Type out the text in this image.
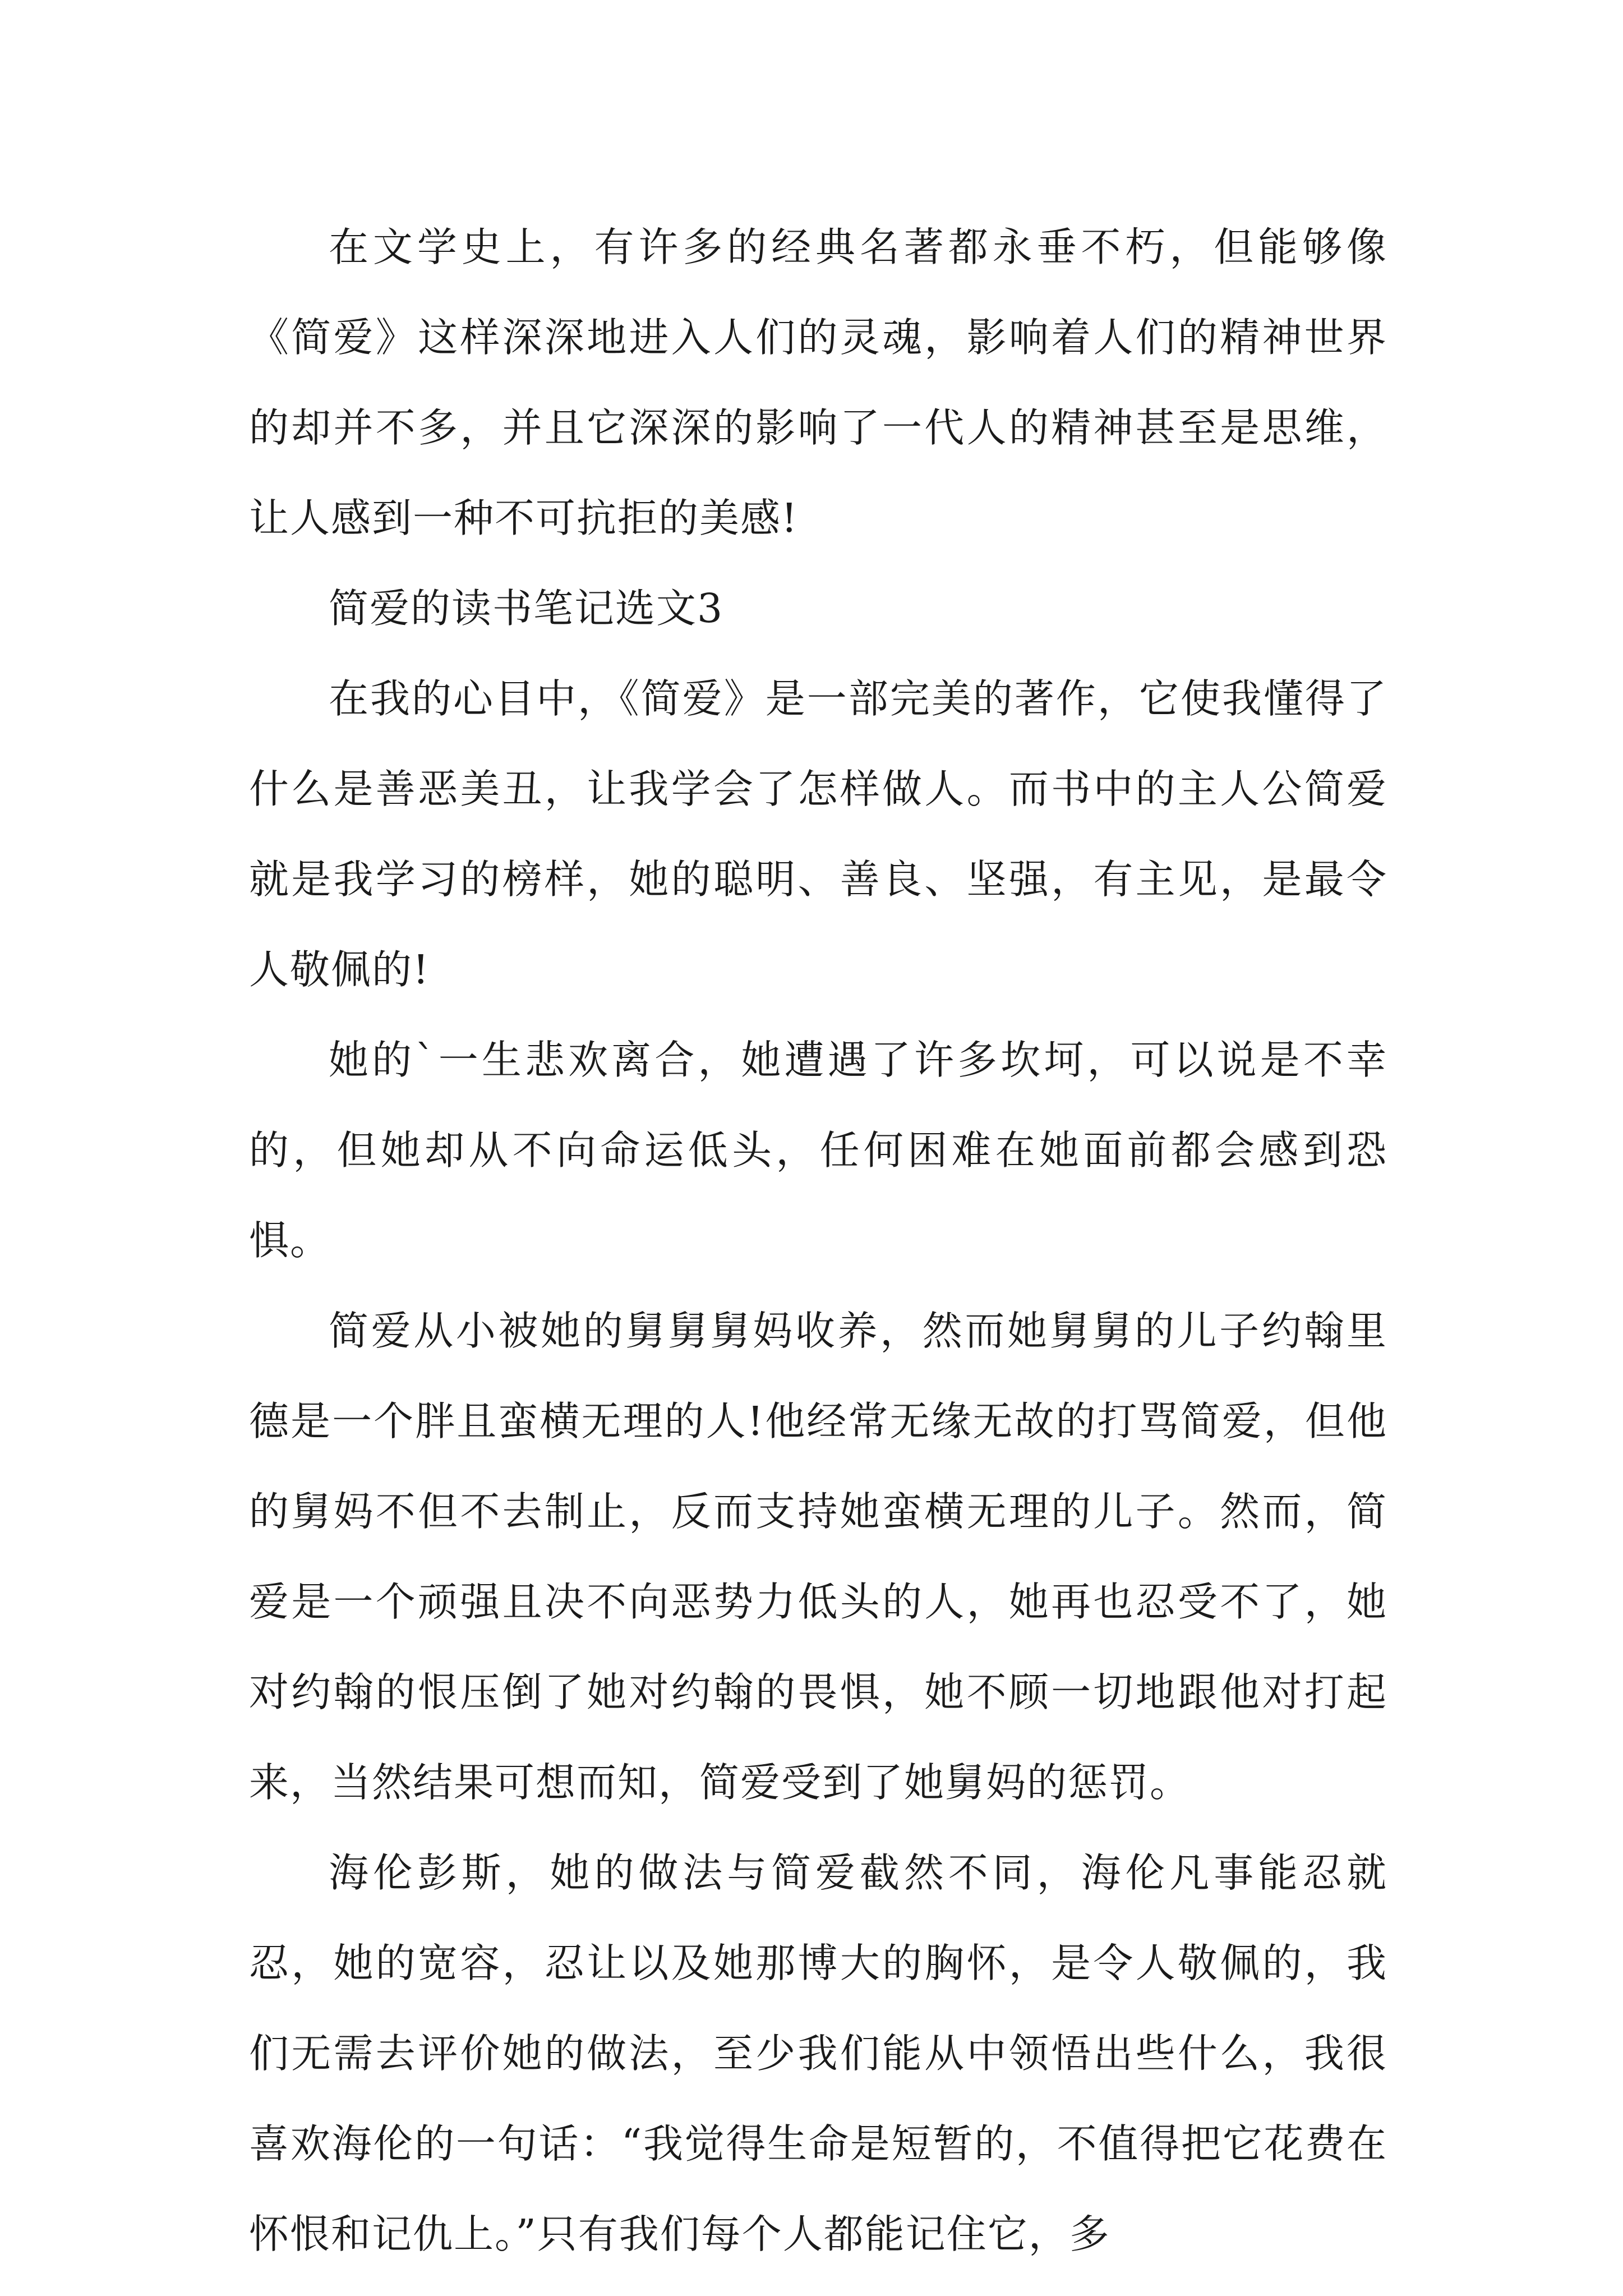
在文学史上，有许多的经典名著都永垂不朽，但能够像《简爱》这样深深地进入人们的灵魂，影响着人们的精神世界的却并不多，并且它深深的影响了一代人的精神甚至是思维，让人感到一种不可抗拒的美感!

简爱的读书笔记选文3

在我的心目中，《简爱》是一部完美的著作，它使我懂得了什么是善恶美丑，让我学会了怎样做人。而书中的主人公简爱就是我学习的榜样，她的聪明、善良、坚强，有主见，是最令人敬佩的!

她的`一生悲欢离合，她遭遇了许多坎坷，可以说是不幸的，但她却从不向命运低头，任何困难在她面前都会感到恐惧。

简爱从小被她的舅舅舅妈收养，然而她舅舅的儿子约翰里德是一个胖且蛮横无理的人!他经常无缘无故的打骂简爱，但他的舅妈不但不去制止，反而支持她蛮横无理的儿子。然而，简爱是一个顽强且决不向恶势力低头的人，她再也忍受不了，她对约翰的恨压倒了她对约翰的畏惧，她不顾一切地跟他对打起来，当然结果可想而知，简爱受到了她舅妈的惩罚。

海伦彭斯，她的做法与简爱截然不同，海伦凡事能忍就忍，她的宽容，忍让以及她那博大的胸怀，是令人敬佩的，我们无需去评价她的做法，至少我们能从中领悟出些什么，我很喜欢海伦的一句话：“我觉得生命是短暂的，不值得把它花费在怀恨和记仇上。”只有我们每个人都能记住它，多
